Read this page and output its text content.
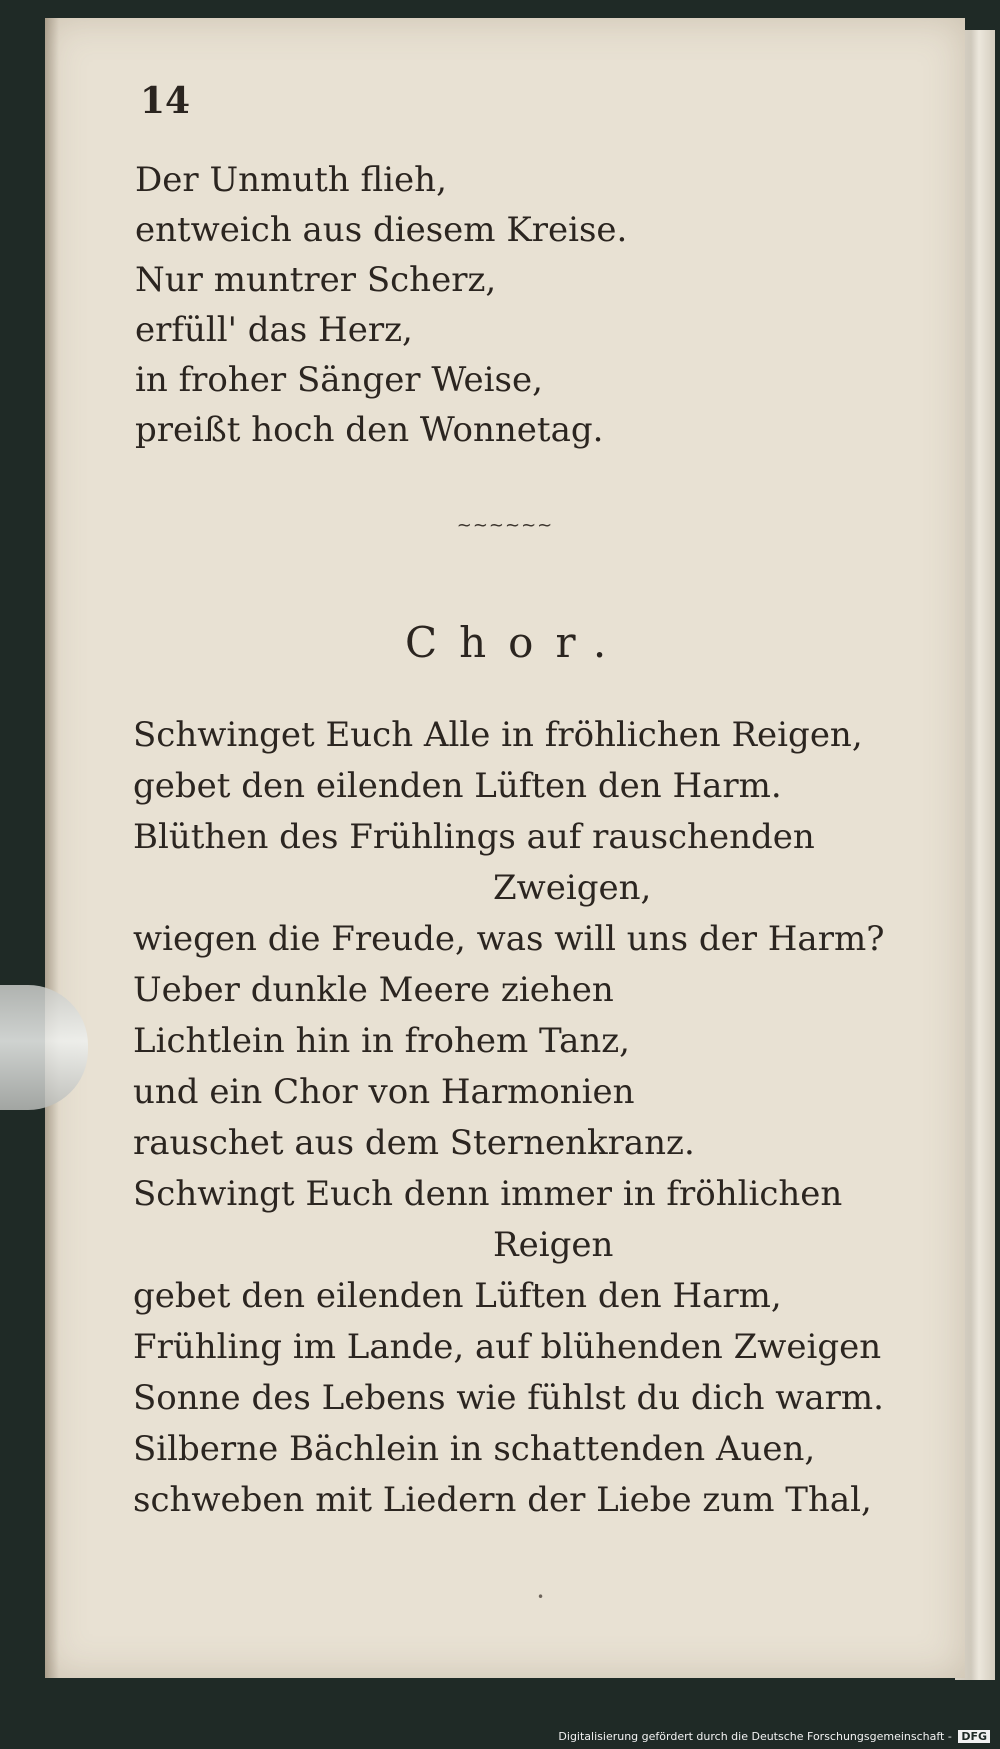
14
Der Unmuth flieh,
entweich aus diesem Kreise.
Nur muntrer Scherz,
erfüll' das Herz,
in froher Sänger Weise,
preißt hoch den Wonnetag.
~~~~~~
Chor.
Schwinget Euch Alle in fröhlichen Reigen,
gebet den eilenden Lüften den Harm.
Blüthen des Frühlings auf rauschenden
Zweigen,
wiegen die Freude, was will uns der Harm?
Ueber dunkle Meere ziehen
Lichtlein hin in frohem Tanz,
und ein Chor von Harmonien
rauschet aus dem Sternenkranz.
Schwingt Euch denn immer in fröhlichen
Reigen
gebet den eilenden Lüften den Harm,
Frühling im Lande, auf blühenden Zweigen
Sonne des Lebens wie fühlst du dich warm.
Silberne Bächlein in schattenden Auen,
schweben mit Liedern der Liebe zum Thal,
•
Digitalisierung gefördert durch die Deutsche Forschungsgemeinschaft - DFG
